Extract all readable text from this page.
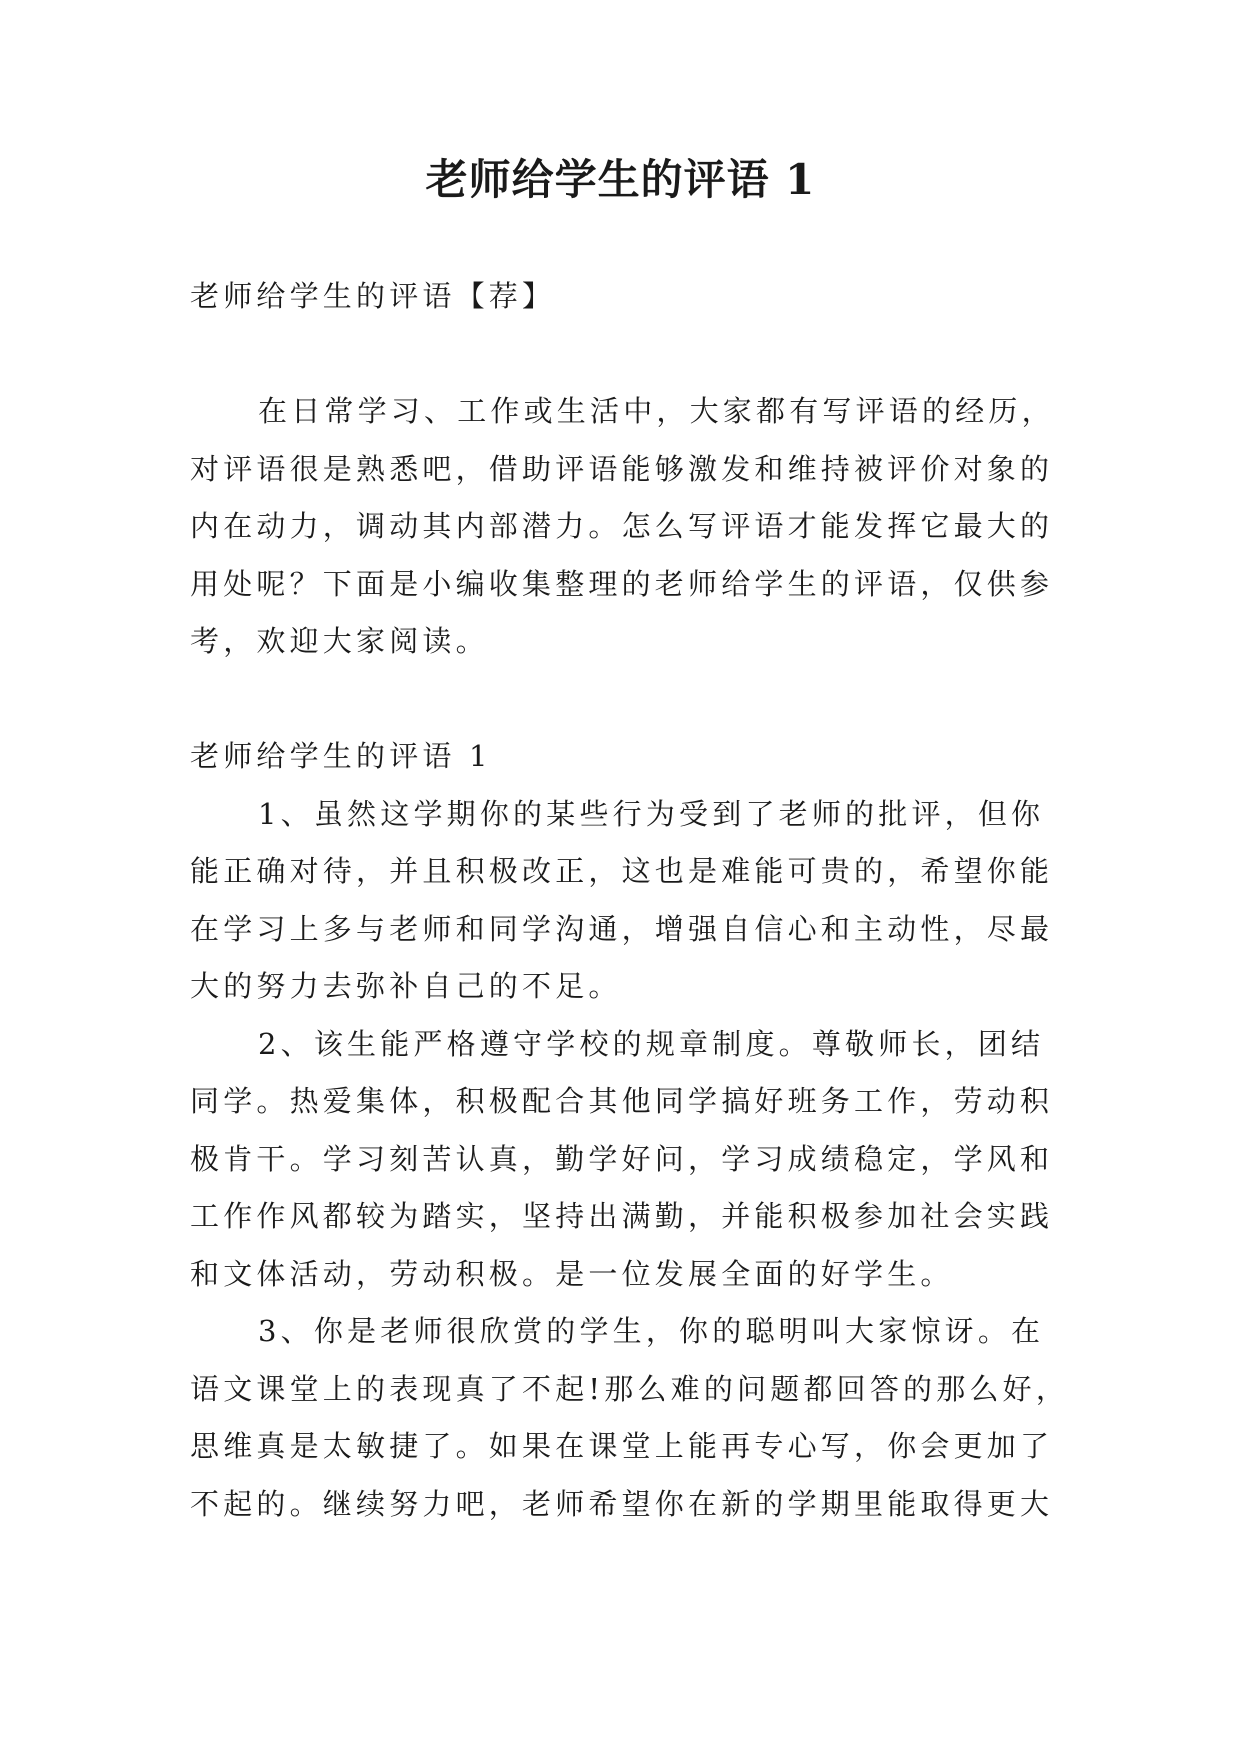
老师给学生的评语 1
老师给学生的评语【荐】
在日常学习、工作或生活中，大家都有写评语的经历，
对评语很是熟悉吧，借助评语能够激发和维持被评价对象的
内在动力，调动其内部潜力。怎么写评语才能发挥它最大的
用处呢？下面是小编收集整理的老师给学生的评语，仅供参
考，欢迎大家阅读。
老师给学生的评语 1
1、虽然这学期你的某些行为受到了老师的批评，但你
能正确对待，并且积极改正，这也是难能可贵的，希望你能
在学习上多与老师和同学沟通，增强自信心和主动性，尽最
大的努力去弥补自己的不足。
2、该生能严格遵守学校的规章制度。尊敬师长，团结
同学。热爱集体，积极配合其他同学搞好班务工作，劳动积
极肯干。学习刻苦认真，勤学好问，学习成绩稳定，学风和
工作作风都较为踏实，坚持出满勤，并能积极参加社会实践
和文体活动，劳动积极。是一位发展全面的好学生。
3、你是老师很欣赏的学生，你的聪明叫大家惊讶。在
语文课堂上的表现真了不起!那么难的问题都回答的那么好，
思维真是太敏捷了。如果在课堂上能再专心写，你会更加了
不起的。继续努力吧，老师希望你在新的学期里能取得更大
